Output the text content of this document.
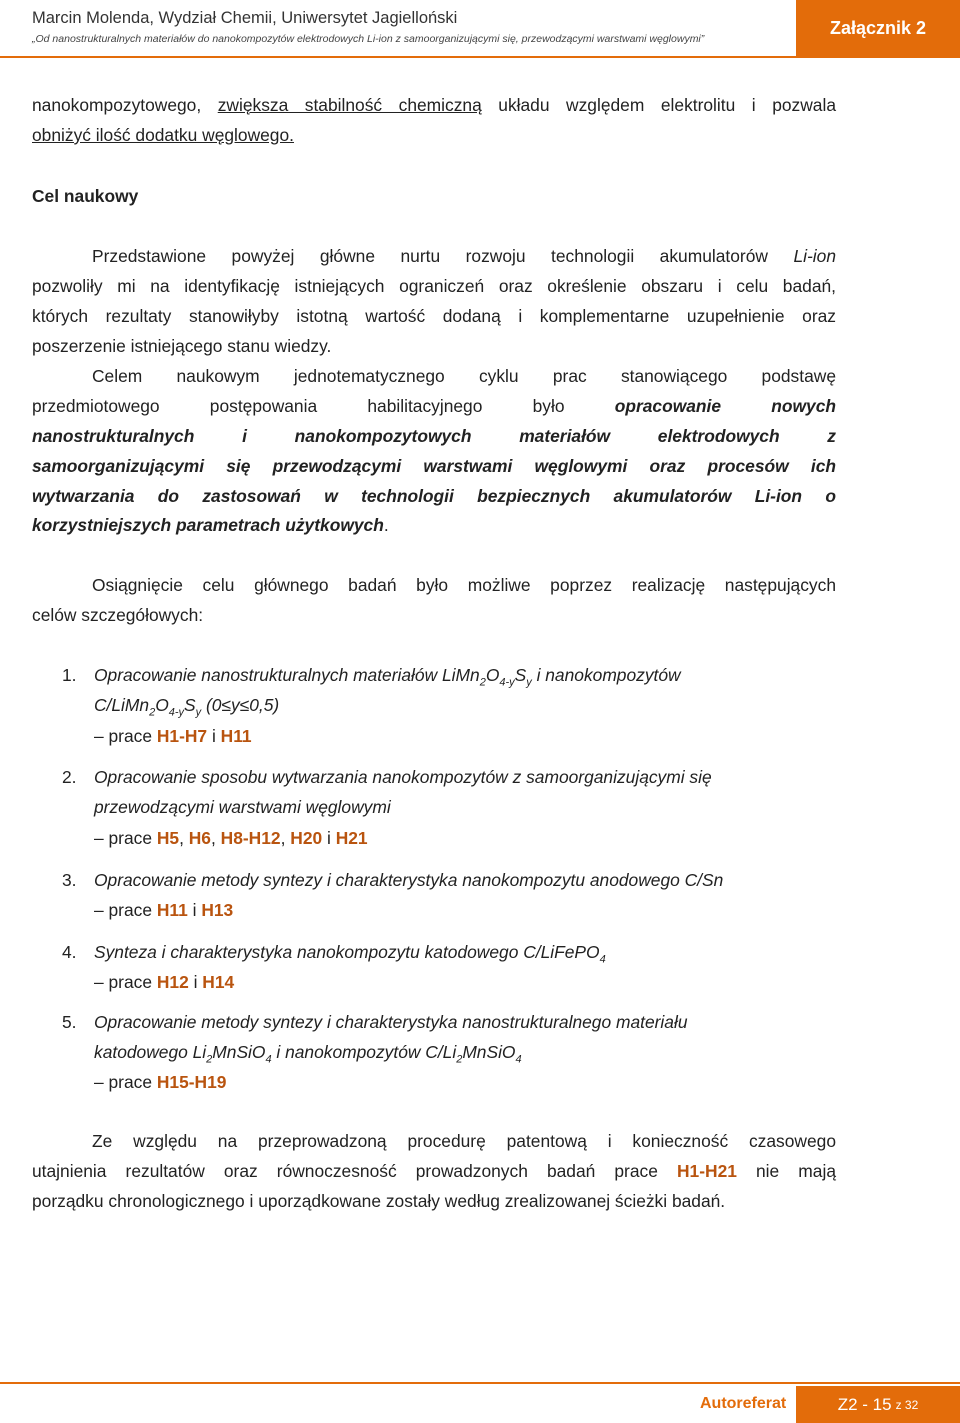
Marcin Molenda, Wydział Chemii, Uniwersytet Jagielloński
„Od nanostrukturalnych materiałów do nanokompozytów elektrodowych Li-ion z samoorganizującymi się, przewodzącymi warstwami węglowymi”
Załącznik 2
nanokompozytowego, zwiększa stabilność chemiczną układu względem elektrolitu i pozwala
obniżyć ilość dodatku węglowego.
Cel naukowy
Przedstawione powyżej główne nurtu rozwoju technologii akumulatorów Li-ion
pozwoliły mi na identyfikację istniejących ograniczeń oraz określenie obszaru i celu badań,
których rezultaty stanowiłyby istotną wartość dodaną i komplementarne uzupełnienie oraz
poszerzenie istniejącego stanu wiedzy.
Celem naukowym jednotematycznego cyklu prac stanowiącego podstawę
przedmiotowego postępowania habilitacyjnego było opracowanie nowych
nanostrukturalnych i nanokompozytowych materiałów elektrodowych z
samoorganizującymi się przewodzącymi warstwami węglowymi oraz procesów ich
wytwarzania do zastosowań w technologii bezpiecznych akumulatorów Li-ion o
korzystniejszych parametrach użytkowych.
Osiągnięcie celu głównego badań było możliwe poprzez realizację następujących
celów szczegółowych:
1. Opracowanie nanostrukturalnych materiałów $LiMn_2O_{4-y}S_y$ i nanokompozytów
$C/LiMn_2O_{4-y}S_y$ (0≤y≤0,5)
– prace H1-H7 i H11
2. Opracowanie sposobu wytwarzania nanokompozytów z samoorganizującymi się
przewodzącymi warstwami węglowymi
– prace H5, H6, H8-H12, H20 i H21
3. Opracowanie metody syntezy i charakterystyka nanokompozytu anodowego C/Sn
– prace H11 i H13
4. Synteza i charakterystyka nanokompozytu katodowego C/LiFePO$_4$
– prace H12 i H14
5. Opracowanie metody syntezy i charakterystyka nanostrukturalnego materiału
katodowego $Li_2MnSiO_4$ i nanokompozytów $C/Li_2MnSiO_4$
– prace H15-H19
Ze względu na przeprowadzoną procedurę patentową i konieczność czasowego
utajnienia rezultatów oraz równoczesność prowadzonych badań prace H1-H21 nie mają
porządku chronologicznego i uporządkowane zostały według zrealizowanej ścieżki badań.
Autoreferat	Z2 - 15 z 32
